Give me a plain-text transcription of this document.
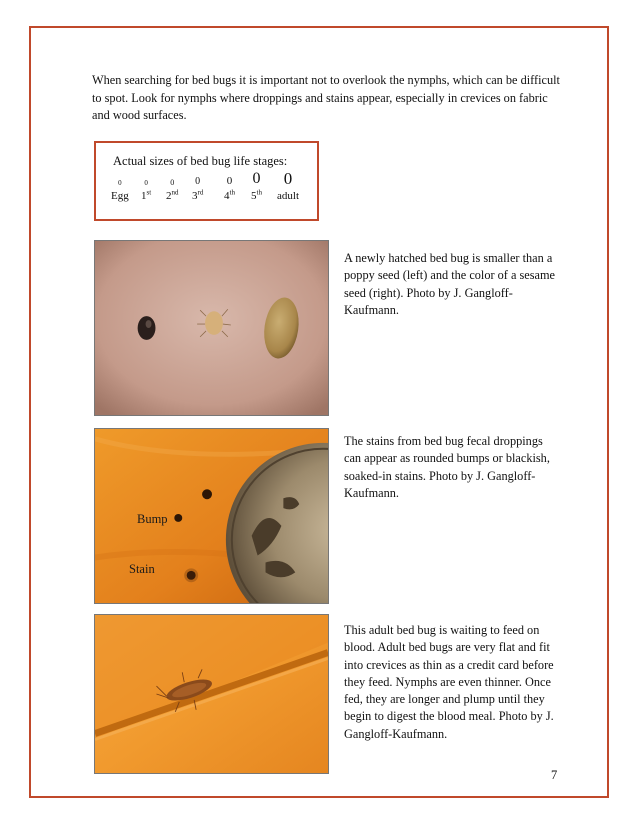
When searching for bed bugs it is important not to overlook the nymphs, which can be difficult to spot. Look for nymphs where droppings and stains appear, especially in crevices on fabric and wood surfaces.

Actual sizes of bed bug life stages:

0
Egg
0
1st
0
2nd
0
3rd
0
4th
0
5th
0
adult

A newly hatched bed bug is smaller than a poppy seed (left) and the color of a sesame seed (right). Photo by J. Gangloff-Kaufmann.

Bump
Stain

The stains from bed bug fecal droppings can appear as rounded bumps or blackish, soaked-in stains. Photo by J. Gangloff-Kaufmann.

This adult bed bug is waiting to feed on blood. Adult bed bugs are very flat and fit into crevices as thin as a credit card before they feed. Nymphs are even thinner. Once fed, they are longer and plump until they begin to digest the blood meal. Photo by J. Gangloff-Kaufmann.

7
